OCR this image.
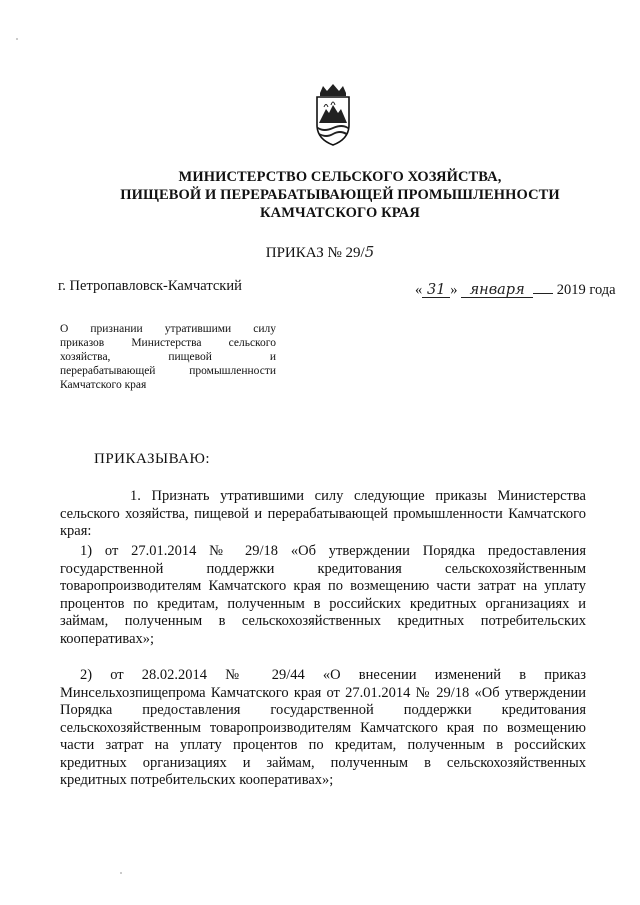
МИНИСТЕРСТВО СЕЛЬСКОГО ХОЗЯЙСТВА,
ПИЩЕВОЙ И ПЕРЕРАБАТЫВАЮЩЕЙ ПРОМЫШЛЕННОСТИ
КАМЧАТСКОГО КРАЯ
ПРИКАЗ № 29/5
г. Петропавловск-Камчатский	« 31 » января 2019 года
О признании утратившими силу
приказов Министерства сельского
хозяйства, пищевой и
перерабатывающей промышленности
Камчатского края
ПРИКАЗЫВАЮ:
1. Признать утратившими силу следующие приказы Министерства
сельского хозяйства, пищевой и перерабатывающей промышленности Камчатского
края:
1) от 27.01.2014 № 29/18 «Об утверждении Порядка предоставления
государственной поддержки кредитования сельскохозяйственным
товаропроизводителям Камчатского края по возмещению части затрат на уплату
процентов по кредитам, полученным в российских кредитных организациях и
займам, полученным в сельскохозяйственных кредитных потребительских
кооперативах»;
2) от 28.02.2014 № 29/44 «О внесении изменений в приказ
Минсельхозпищепрома Камчатского края от 27.01.2014 № 29/18 «Об утверждении
Порядка предоставления государственной поддержки кредитования
сельскохозяйственным товаропроизводителям Камчатского края по возмещению
части затрат на уплату процентов по кредитам, полученным в российских
кредитных организациях и займам, полученным в сельскохозяйственных
кредитных потребительских кооперативах»;
